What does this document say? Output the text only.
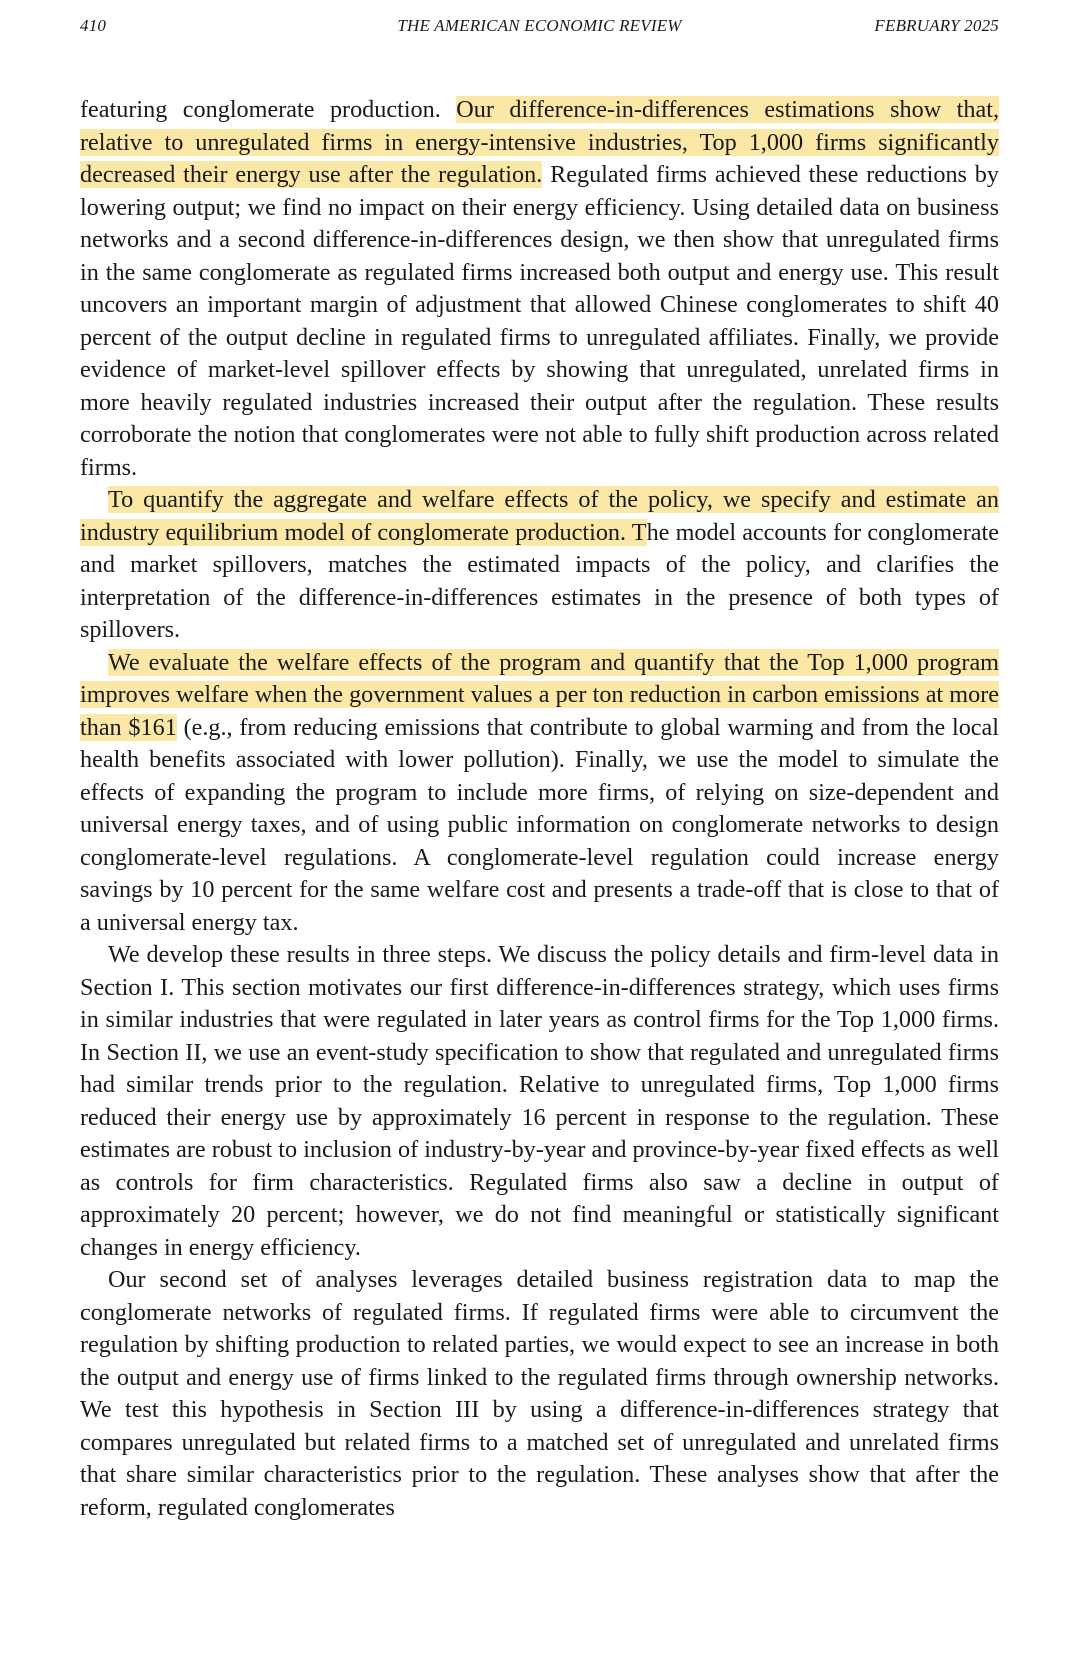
410	THE AMERICAN ECONOMIC REVIEW	FEBRUARY 2025

featuring conglomerate production. Our difference-in-differences estimations show that, relative to unregulated firms in energy-intensive industries, Top 1,000 firms significantly decreased their energy use after the regulation. Regulated firms achieved these reductions by lowering output; we find no impact on their energy efficiency. Using detailed data on business networks and a second difference-in-differences design, we then show that unregulated firms in the same conglomerate as regulated firms increased both output and energy use. This result uncovers an important margin of adjustment that allowed Chinese conglomerates to shift 40 percent of the output decline in regulated firms to unregulated affiliates. Finally, we provide evidence of market-level spillover effects by showing that unregulated, unrelated firms in more heavily regulated industries increased their output after the regulation. These results corroborate the notion that conglomerates were not able to fully shift production across related firms.

To quantify the aggregate and welfare effects of the policy, we specify and estimate an industry equilibrium model of conglomerate production. The model accounts for conglomerate and market spillovers, matches the estimated impacts of the policy, and clarifies the interpretation of the difference-in-differences estimates in the presence of both types of spillovers.

We evaluate the welfare effects of the program and quantify that the Top 1,000 program improves welfare when the government values a per ton reduction in carbon emissions at more than $161 (e.g., from reducing emissions that contribute to global warming and from the local health benefits associated with lower pollution). Finally, we use the model to simulate the effects of expanding the program to include more firms, of relying on size-dependent and universal energy taxes, and of using public information on conglomerate networks to design conglomerate-level regulations. A conglomerate-level regulation could increase energy savings by 10 percent for the same welfare cost and presents a trade-off that is close to that of a universal energy tax.

We develop these results in three steps. We discuss the policy details and firm-level data in Section I. This section motivates our first difference-in-differences strategy, which uses firms in similar industries that were regulated in later years as control firms for the Top 1,000 firms. In Section II, we use an event-study specification to show that regulated and unregulated firms had similar trends prior to the regulation. Relative to unregulated firms, Top 1,000 firms reduced their energy use by approximately 16 percent in response to the regulation. These estimates are robust to inclusion of industry-by-year and province-by-year fixed effects as well as controls for firm characteristics. Regulated firms also saw a decline in output of approximately 20 percent; however, we do not find meaningful or statistically significant changes in energy efficiency.

Our second set of analyses leverages detailed business registration data to map the conglomerate networks of regulated firms. If regulated firms were able to circumvent the regulation by shifting production to related parties, we would expect to see an increase in both the output and energy use of firms linked to the regulated firms through ownership networks. We test this hypothesis in Section III by using a difference-in-differences strategy that compares unregulated but related firms to a matched set of unregulated and unrelated firms that share similar characteristics prior to the regulation. These analyses show that after the reform, regulated conglomerates
